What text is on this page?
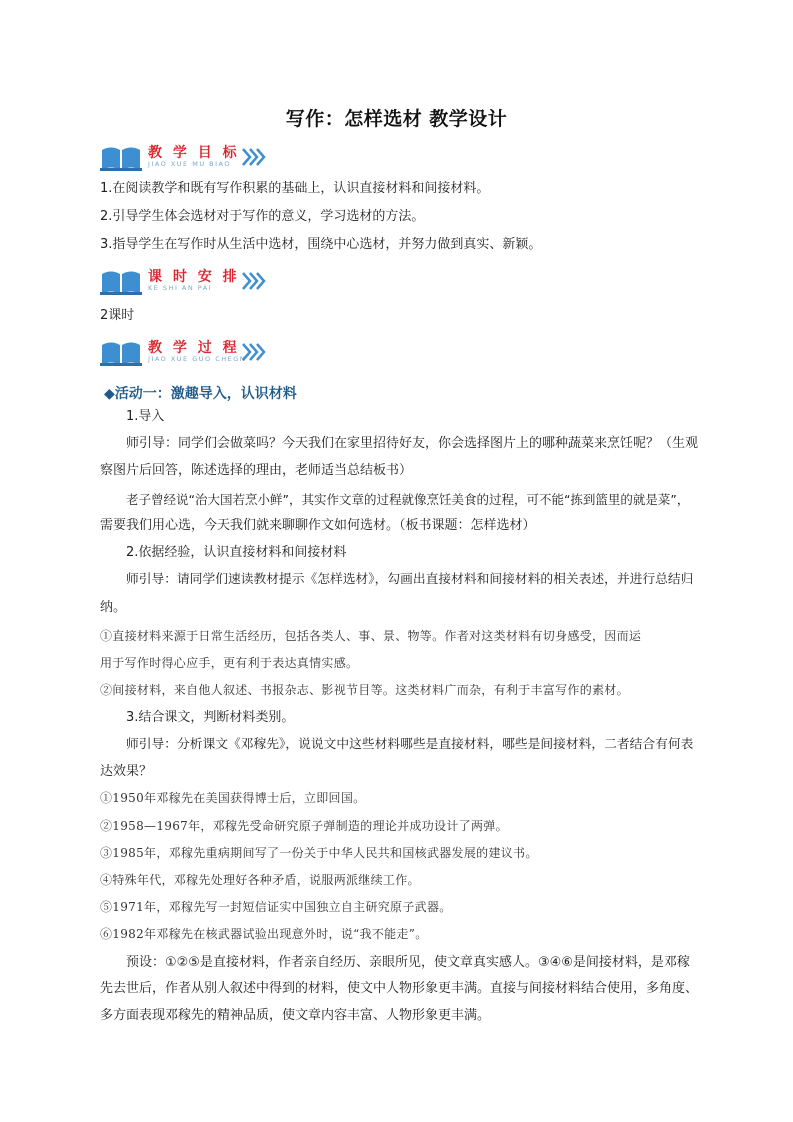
写作：怎样选材 教学设计
教 学 目 标
JIAO XUE MU BIAO
1.在阅读教学和既有写作积累的基础上，认识直接材料和间接材料。
2.引导学生体会选材对于写作的意义，学习选材的方法。
3.指导学生在写作时从生活中选材，围绕中心选材，并努力做到真实、新颖。
课 时 安 排
KE SHI AN PAI
2课时
教 学 过 程
JIAO XUE GUO CHEGN
◆活动一：激趣导入，认识材料
1.导入
师引导：同学们会做菜吗？今天我们在家里招待好友，你会选择图片上的哪种蔬菜来烹饪呢？（生观
察图片后回答，陈述选择的理由，老师适当总结板书）
老子曾经说“治大国若烹小鲜”，其实作文章的过程就像烹饪美食的过程，可不能“拣到篮里的就是菜”，
需要我们用心选，今天我们就来聊聊作文如何选材。（板书课题：怎样选材）
2.依据经验，认识直接材料和间接材料
师引导：请同学们速读教材提示《怎样选材》，勾画出直接材料和间接材料的相关表述，并进行总结归
纳。
①直接材料来源于日常生活经历，包括各类人、事、景、物等。作者对这类材料有切身感受，因而运
用于写作时得心应手，更有利于表达真情实感。
②间接材料，来自他人叙述、书报杂志、影视节目等。这类材料广而杂，有利于丰富写作的素材。
3.结合课文，判断材料类别。
师引导：分析课文《邓稼先》，说说文中这些材料哪些是直接材料，哪些是间接材料，二者结合有何表
达效果？
①1950年邓稼先在美国获得博士后，立即回国。
②1958—1967年，邓稼先受命研究原子弹制造的理论并成功设计了两弹。
③1985年，邓稼先重病期间写了一份关于中华人民共和国核武器发展的建议书。
④特殊年代，邓稼先处理好各种矛盾，说服两派继续工作。
⑤1971年，邓稼先写一封短信证实中国独立自主研究原子武器。
⑥1982年邓稼先在核武器试验出现意外时，说“我不能走”。
预设：①②⑤是直接材料，作者亲自经历、亲眼所见，使文章真实感人。③④⑥是间接材料，是邓稼
先去世后，作者从别人叙述中得到的材料，使文中人物形象更丰满。直接与间接材料结合使用，多角度、
多方面表现邓稼先的精神品质，使文章内容丰富、人物形象更丰满。
